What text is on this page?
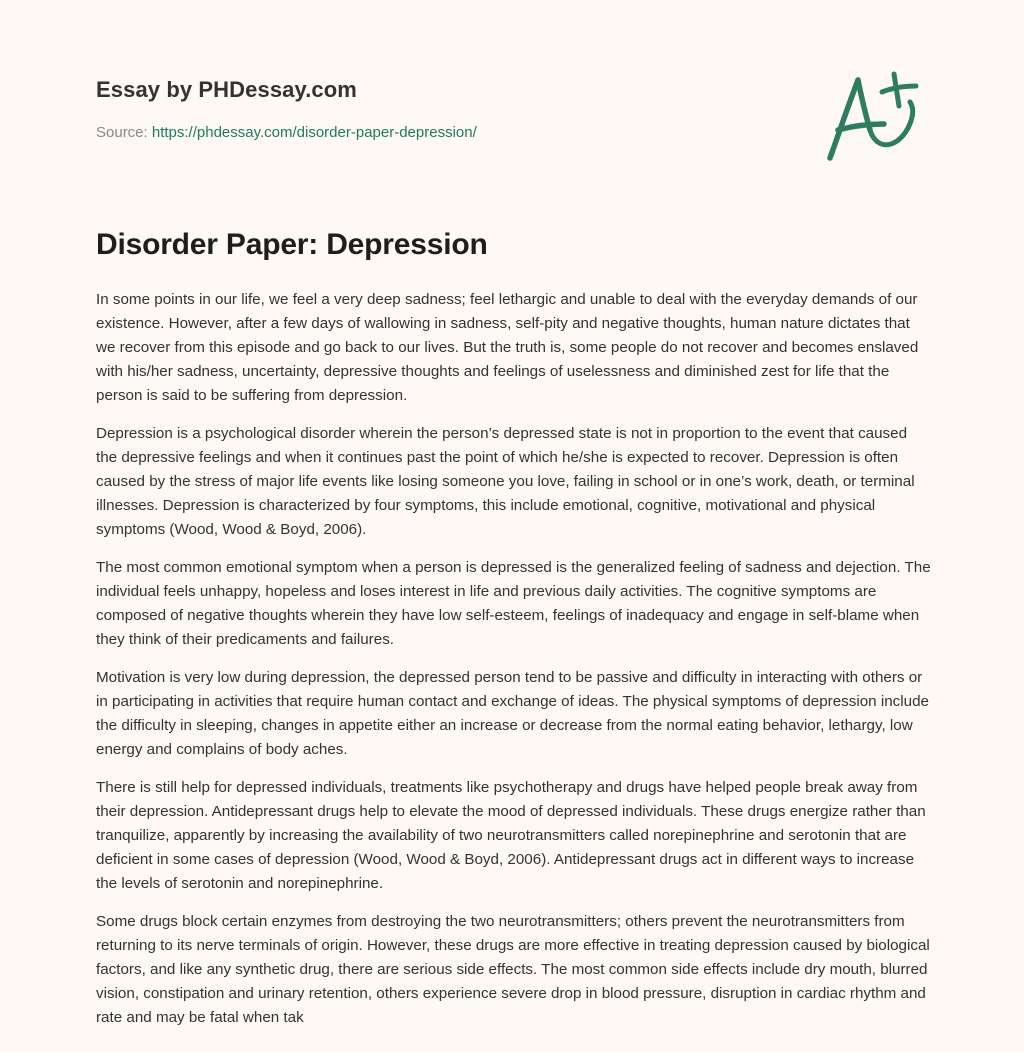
Essay by PHDessay.com
Source: https://phdessay.com/disorder-paper-depression/
Disorder Paper: Depression

In some points in our life, we feel a very deep sadness; feel lethargic and unable to deal with the everyday demands of our existence. However, after a few days of wallowing in sadness, self-pity and negative thoughts, human nature dictates that we recover from this episode and go back to our lives. But the truth is, some people do not recover and becomes enslaved with his/her sadness, uncertainty, depressive thoughts and feelings of uselessness and diminished zest for life that the person is said to be suffering from depression.

Depression is a psychological disorder wherein the person’s depressed state is not in proportion to the event that caused the depressive feelings and when it continues past the point of which he/she is expected to recover. Depression is often caused by the stress of major life events like losing someone you love, failing in school or in one’s work, death, or terminal illnesses. Depression is characterized by four symptoms, this include emotional, cognitive, motivational and physical symptoms (Wood, Wood & Boyd, 2006).

The most common emotional symptom when a person is depressed is the generalized feeling of sadness and dejection. The individual feels unhappy, hopeless and loses interest in life and previous daily activities. The cognitive symptoms are composed of negative thoughts wherein they have low self-esteem, feelings of inadequacy and engage in self-blame when they think of their predicaments and failures.

Motivation is very low during depression, the depressed person tend to be passive and difficulty in interacting with others or in participating in activities that require human contact and exchange of ideas. The physical symptoms of depression include the difficulty in sleeping, changes in appetite either an increase or decrease from the normal eating behavior, lethargy, low energy and complains of body aches.

There is still help for depressed individuals, treatments like psychotherapy and drugs have helped people break away from their depression. Antidepressant drugs help to elevate the mood of depressed individuals. These drugs energize rather than tranquilize, apparently by increasing the availability of two neurotransmitters called norepinephrine and serotonin that are deficient in some cases of depression (Wood, Wood & Boyd, 2006). Antidepressant drugs act in different ways to increase the levels of serotonin and norepinephrine.

Some drugs block certain enzymes from destroying the two neurotransmitters; others prevent the neurotransmitters from returning to its nerve terminals of origin. However, these drugs are more effective in treating depression caused by biological factors, and like any synthetic drug, there are serious side effects. The most common side effects include dry mouth, blurred vision, constipation and urinary retention, others experience severe drop in blood pressure, disruption in cardiac rhythm and rate and may be fatal when tak
